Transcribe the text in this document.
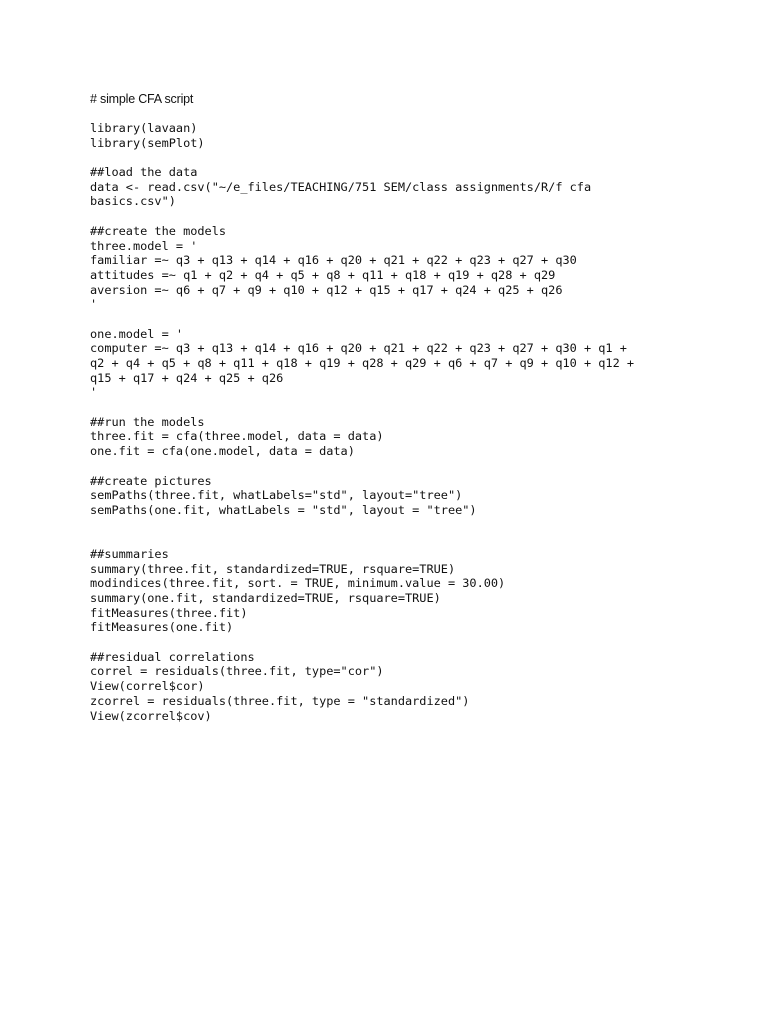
# simple CFA script
library(lavaan)
library(semPlot)
##load the data
data <- read.csv("~/e_files/TEACHING/751 SEM/class assignments/R/f cfa
basics.csv")
##create the models
three.model = '
familiar =~ q3 + q13 + q14 + q16 + q20 + q21 + q22 + q23 + q27 + q30
attitudes =~ q1 + q2 + q4 + q5 + q8 + q11 + q18 + q19 + q28 + q29
aversion =~ q6 + q7 + q9 + q10 + q12 + q15 + q17 + q24 + q25 + q26
'
one.model = '
computer =~ q3 + q13 + q14 + q16 + q20 + q21 + q22 + q23 + q27 + q30 + q1 +
q2 + q4 + q5 + q8 + q11 + q18 + q19 + q28 + q29 + q6 + q7 + q9 + q10 + q12 +
q15 + q17 + q24 + q25 + q26
'
##run the models
three.fit = cfa(three.model, data = data)
one.fit = cfa(one.model, data = data)
##create pictures
semPaths(three.fit, whatLabels="std", layout="tree")
semPaths(one.fit, whatLabels = "std", layout = "tree")
##summaries
summary(three.fit, standardized=TRUE, rsquare=TRUE)
modindices(three.fit, sort. = TRUE, minimum.value = 30.00)
summary(one.fit, standardized=TRUE, rsquare=TRUE)
fitMeasures(three.fit)
fitMeasures(one.fit)
##residual correlations
correl = residuals(three.fit, type="cor")
View(correl$cor)
zcorrel = residuals(three.fit, type = "standardized")
View(zcorrel$cov)
